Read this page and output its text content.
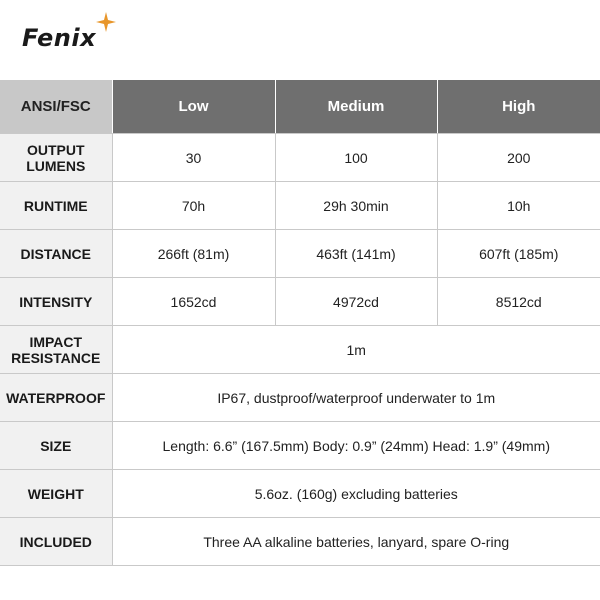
Fenix
ANSI/FSC	Low	Medium	High
OUTPUT
LUMENS	30	100	200
RUNTIME	70h	29h 30min	10h
DISTANCE	266ft (81m)	463ft (141m)	607ft (185m)
INTENSITY	1652cd	4972cd	8512cd
IMPACT
RESISTANCE	1m		
WATERPROOF	IP67, dustproof/waterproof underwater to 1m		
SIZE	Length: 6.6” (167.5mm) Body: 0.9” (24mm) Head: 1.9” (49mm)		
WEIGHT	5.6oz. (160g) excluding batteries		
INCLUDED	Three AA alkaline batteries, lanyard, spare O-ring		
